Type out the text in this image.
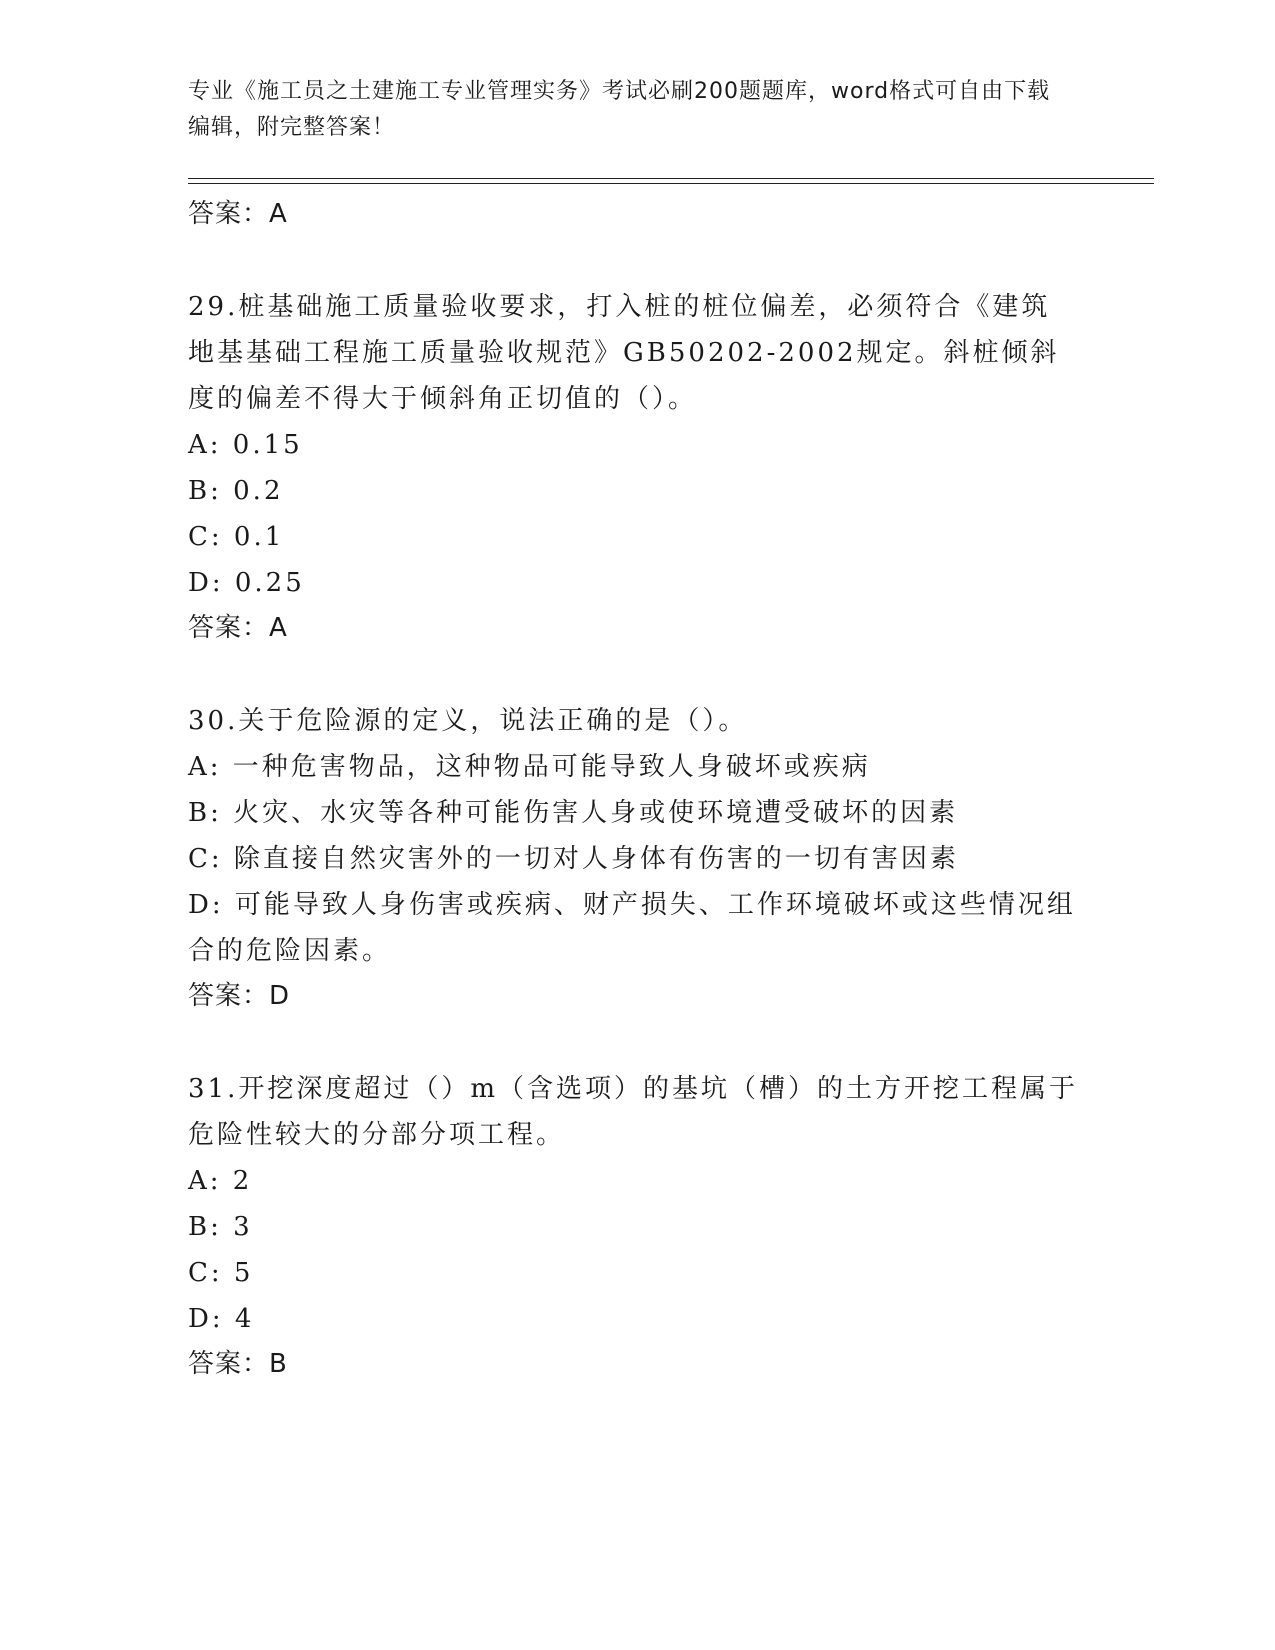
专业《施工员之土建施工专业管理实务》考试必刷200题题库，word格式可自由下载编辑，附完整答案！
答案：A
29.桩基础施工质量验收要求，打入桩的桩位偏差，必须符合《建筑地基基础工程施工质量验收规范》GB50202-2002规定。斜桩倾斜度的偏差不得大于倾斜角正切值的（）。
A: 0.15
B: 0.2
C: 0.1
D: 0.25
答案：A
30.关于危险源的定义，说法正确的是（）。
A: 一种危害物品，这种物品可能导致人身破坏或疾病
B: 火灾、水灾等各种可能伤害人身或使环境遭受破坏的因素
C: 除直接自然灾害外的一切对人身体有伤害的一切有害因素
D: 可能导致人身伤害或疾病、财产损失、工作环境破坏或这些情况组合的危险因素。
答案：D
31.开挖深度超过（）m（含选项）的基坑（槽）的土方开挖工程属于危险性较大的分部分项工程。
A: 2
B: 3
C: 5
D: 4
答案：B
